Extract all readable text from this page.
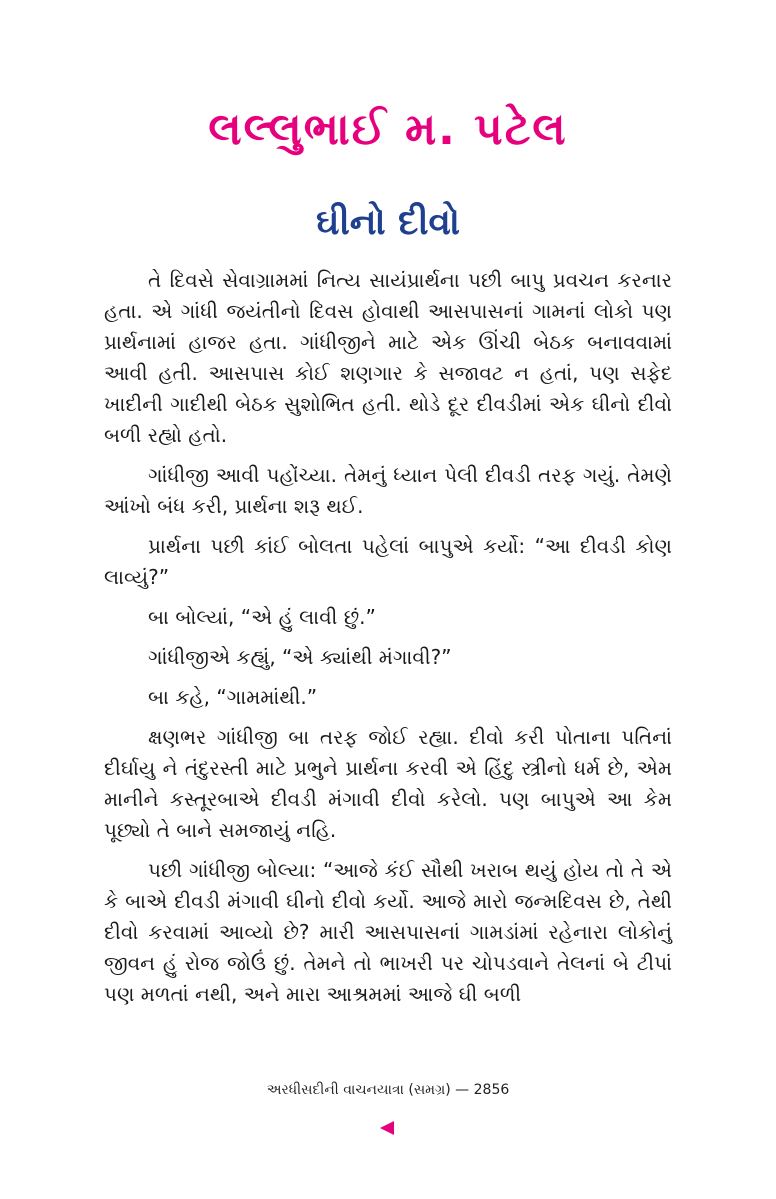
લલ્લુભાઈ મ. પટેલ
ઘીનો દીવો

તે દિવસે સેવાગ્રામમાં નિત્ય સાયંપ્રાર્થના પછી બાપુ પ્રવચન કરનાર હતા. એ ગાંધી જયંતીનો દિવસ હોવાથી આસપાસનાં ગામનાં લોકો પણ પ્રાર્થનામાં હાજર હતા. ગાંધીજીને માટે એક ઊંચી બેઠક બનાવવામાં આવી હતી. આસપાસ કોઈ શણગાર કે સજાવટ ન હતાં, પણ સફેદ ખાદીની ગાદીથી બેઠક સુશોભિત હતી. થોડે દૂર દીવડીમાં એક ઘીનો દીવો બળી રહ્યો હતો.

ગાંધીજી આવી પહોંચ્યા. તેમનું ધ્યાન પેલી દીવડી તરફ ગયું. તેમણે આંખો બંધ કરી, પ્રાર્થના શરૂ થઈ.

પ્રાર્થના પછી કાંઈ બોલતા પહેલાં બાપુએ કર્યો: “આ દીવડી કોણ લાવ્યું?”

બા બોલ્યાં, “એ હું લાવી છું.”

ગાંધીજીએ કહ્યું, “એ ક્યાંથી મંગાવી?”

બા કહે, “ગામમાંથી.”

ક્ષણભર ગાંધીજી બા તરફ જોઈ રહ્યા. દીવો કરી પોતાના પતિનાં દીર્ઘાયુ ને તંદુરસ્તી માટે પ્રભુને પ્રાર્થના કરવી એ હિંદુ સ્ત્રીનો ધર્મ છે, એમ માનીને કસ્તૂરબાએ દીવડી મંગાવી દીવો કરેલો. પણ બાપુએ આ કેમ પૂછ્યો તે બાને સમજાયું નહિ.

પછી ગાંધીજી બોલ્યા: “આજે કંઈ સૌથી ખરાબ થયું હોય તો તે એ કે બાએ દીવડી મંગાવી ઘીનો દીવો કર્યો. આજે મારો જન્મદિવસ છે, તેથી દીવો કરવામાં આવ્યો છે? મારી આસપાસનાં ગામડાંમાં રહેનારા લોકોનું જીવન હું રોજ જોઉં છું. તેમને તો ભાખરી પર ચોપડવાને તેલનાં બે ટીપાં પણ મળતાં નથી, અને મારા આશ્રમમાં આજે ઘી બળી

અરધીસદીની વાચનયાત્રા (સમગ્ર) — 2856
